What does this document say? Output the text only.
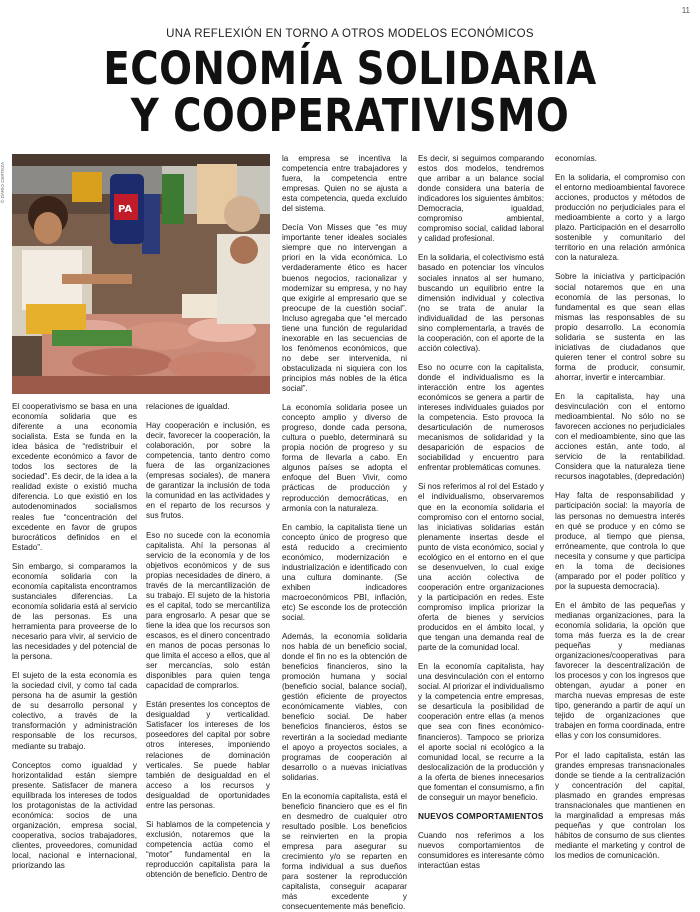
11
UNA REFLEXIÓN EN TORNO A OTROS MODELOS ECONÓMICOS
ECONOMÍA SOLIDARIA
Y COOPERATIVISMO
© DARIO CERTEZA
PA

El cooperativismo se basa en una economía solidaria que es diferente a una economía socialista. Esta se funda en la idea básica de “redistribuir el excedente económico a favor de todos los sectores de la sociedad”. Es decir, de la idea a la realidad existe o existió mucha diferencia. Lo que existió en los autodenominados socialismos reales fue “concentración del excedente en favor de grupos burocráticos definidos en el Estado”.

Sin embargo, si comparamos la economía solidaria con la economía capitalista encontramos sustanciales diferencias. La economía solidaria está al servicio de las personas. Es una herramienta para proveerse de lo necesario para vivir, al servicio de las necesidades y del potencial de la persona.

El sujeto de la esta economía es la sociedad civil, y como tal cada persona ha de asumir la gestión de su desarrollo personal y colectivo, a través de la transformación y administración responsable de los recursos, mediante su trabajo.

Conceptos como igualdad y horizontalidad están siempre presente. Satisfacer de manera equilibrada los intereses de todos los protagonistas de la actividad económica: socios de una organización, empresa social, cooperativa, socios trabajadores, clientes, proveedores, comunidad local, nacional e internacional, priorizando las

relaciones de igualdad.

Hay cooperación e inclusión, es decir, favorecer la cooperación, la colaboración, por sobre la competencia, tanto dentro como fuera de las organizaciones (empresas sociales), de manera de garantizar la inclusión de toda la comunidad en las actividades y en el reparto de los recursos y sus frutos.

Eso no sucede con la economía capitalista. Ahí la personas al servicio de la economía y de los objetivos económicos y de sus propias necesidades de dinero, a través de la mercantilización de su trabajo. El sujeto de la historia es el capital, todo se mercantiliza para engrosarlo. A pesar que se tiene la idea que los recursos son escasos, es el dinero concentrado en manos de pocas personas lo que limita el acceso a ellos, que al ser mercancías, solo están disponibles para quien tenga capacidad de comprarlos.

Están presentes los conceptos de desigualdad y verticalidad. Satisfacer los intereses de los poseedores del capital por sobre otros intereses, imponiendo relaciones de dominación verticales. Se puede hablar también de desigualdad en el acceso a los recursos y desigualdad de oportunidades entre las personas.

Si hablamos de la competencia y exclusión, notaremos que la competencia actúa como el “motor” fundamental en la reproducción capitalista para la obtención de beneficio. Dentro de

la empresa se incentiva la competencia entre trabajadores y fuera, la competencia entre empresas. Quien no se ajusta a esta competencia, queda excluido del sistema.

Decía Von Misses que “es muy importante tener ideales sociales siempre que no intervengan a priori en la vida económica. Lo verdaderamente ético es hacer buenos negocios, racionalizar y modernizar su empresa, y no hay que exigirle al empresario que se preocupe de la cuestión social”. Incluso agregaba que “el mercado tiene una función de regularidad inexorable en las secuencias de los fenómenos económicos, que no debe ser intervenida, ni obstaculizada ni siquiera con los principios más nobles de la ética social”.

La economía solidaria posee un concepto amplio y diverso de progreso, donde cada persona, cultura o pueblo, determinará su propia noción de progreso y su forma de llevarla a cabo. En algunos países se adopta el enfoque del Buen Vivir, como prácticas de producción y reproducción democráticas, en armonía con la naturaleza.

En cambio, la capitalista tiene un concepto único de progreso que está reducido a crecimiento económico, modernización e industrialización e identificado con una cultura dominante. (Se exhiben indicadores macroeconómicos PBI, inflación, etc) Se esconde los de protección social.

Además, la economía solidaria nos habla de un beneficio social, donde el fin no es la obtención de beneficios financieros, sino la promoción humana y social (beneficio social, balance social), gestión eficiente de proyectos económicamente viables, con beneficio social. De haber beneficios financieros, éstos se revertirán a la sociedad mediante el apoyo a proyectos sociales, a programas de cooperación al desarrollo o a nuevas iniciativas solidarias.

En la economía capitalista, está el beneficio financiero que es el fin en desmedro de cualquier otro resultado posible. Los beneficios se reinvierten en la propia empresa para asegurar su crecimiento y/o se reparten en forma individual a sus dueños para sostener la reproducción capitalista, conseguir acaparar más excedente y consecuentemente más beneficio.

Es decir, si seguimos comparando estos dos modelos, tendremos que arribar a un balance social donde considera una batería de indicadores los siguientes ámbitos: Democracia, igualdad, compromiso ambiental, compromiso social, calidad laboral y calidad profesional.

En la solidaria, el colectivismo está basado en potenciar los vínculos sociales innatos al ser humano, buscando un equilibrio entre la dimensión individual y colectiva (no se trata de anular la individualidad de las personas sino complementarla, a través de la cooperación, con el aporte de la acción colectiva).

Eso no ocurre con la capitalista, donde el individualismo es la interacción entre los agentes económicos se genera a partir de intereses individuales guiados por la competencia. Esto provoca la desarticulación de numerosos mecanismos de solidaridad y la desaparición de espacios de sociabilidad y encuentro para enfrentar problemáticas comunes.

Si nos referimos al rol del Estado y el individualismo, observaremos que en la economía solidaria el compromiso con el entorno social, las iniciativas solidarias están plenamente insertas desde el punto de vista económico, social y ecológico en el entorno en el que se desenvuelven, lo cual exige una acción colectiva de cooperación entre organizaciones y la participación en redes. Este compromiso implica priorizar la oferta de bienes y servicios producidos en el ámbito local, y que tengan una demanda real de parte de la comunidad local.

En la economía capitalista, hay una desvinculación con el entorno social. Al priorizar el individualismo y la competencia entre empresas, se desarticula la posibilidad de cooperación entre ellas (a menos que sea con fines económico-financieros). Tampoco se prioriza el aporte social ni ecológico a la comunidad local, se recurre a la deslocalización de la producción y a la oferta de bienes innecesarios que fomentan el consumismo, a fin de conseguir un mayor beneficio.

NUEVOS COMPORTAMIENTOS

Cuando nos referimos a los nuevos comportamientos de consumidores es interesante cómo interactúan estas

economías.

En la solidaria, el compromiso con el entorno medioambiental favorece acciones, productos y métodos de producción no perjudiciales para el medioambiente a corto y a largo plazo. Participación en el desarrollo sostenible y comunitario del territorio en una relación armónica con la naturaleza.

Sobre la iniciativa y participación social notaremos que en una economía de las personas, lo fundamental es que sean ellas mismas las responsables de su propio desarrollo. La economía solidaria se sustenta en las iniciativas de ciudadanos que quieren tener el control sobre su forma de producir, consumir, ahorrar, invertir e intercambiar.

En la capitalista, hay una desvinculación con el entorno medioambiental. No sólo no se favorecen acciones no perjudiciales con el medioambiente, sino que las acciones están, ante todo, al servicio de la rentabilidad. Considera que la naturaleza tiene recursos inagotables, (depredación)

Hay falta de responsabilidad y participación social: la mayoría de las personas no demuestra interés en qué se produce y en cómo se produce, al tiempo que piensa, erróneamente, que controla lo que necesita y consume y que participa en la toma de decisiones (amparado por el poder político y por la supuesta democracia).

En el ámbito de las pequeñas y medianas organizaciones, para la economía solidaria, la opción que toma más fuerza es la de crear pequeñas y medianas organizaciones/cooperativas para favorecer la descentralización de los procesos y con los ingresos que obtengan, ayudar a poner en marcha nuevas empresas de este tipo, generando a partir de aquí un tejido de organizaciones que trabajen en forma coordinada, entre ellas y con los consumidores.

Por el lado capitalista, están las grandes empresas transnacionales donde se tiende a la centralización y concentración del capital, plasmado en grandes empresas transnacionales que mantienen en la marginalidad a empresas más pequeñas y que controlan los hábitos de consumo de sus clientes mediante el marketing y control de los medios de comunicación.
